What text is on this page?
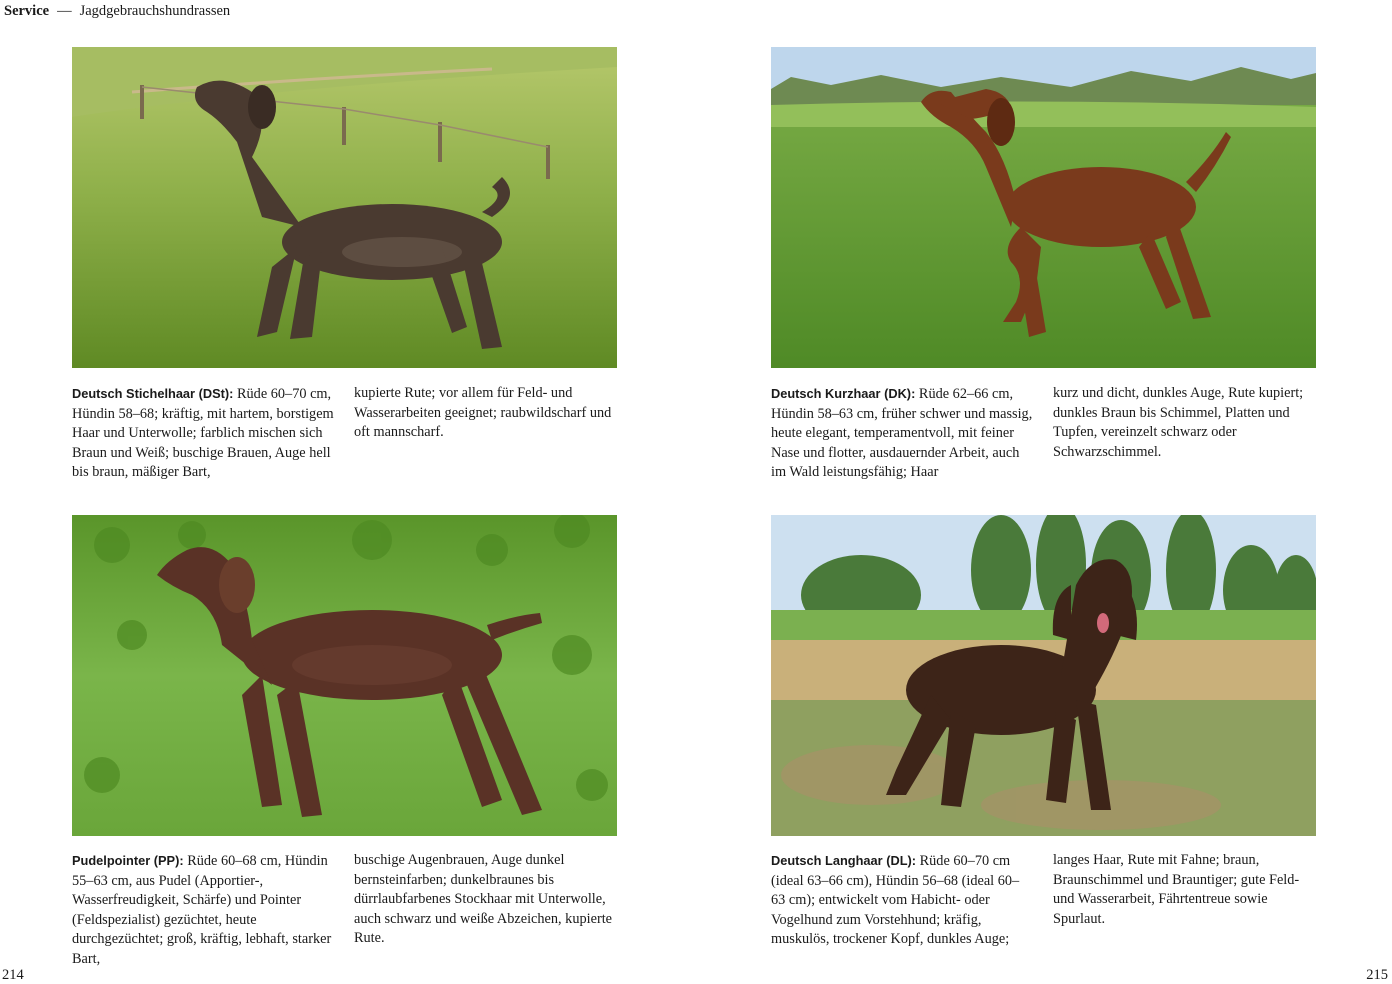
Service — Jagdgebrauchshundrassen

Deutsch Stichelhaar (DSt): Rüde 60–70 cm, Hündin 58–68; kräftig, mit hartem, borstigem Haar und Unterwolle; farblich mischen sich Braun und Weiß; buschige Brauen, Auge hell bis braun, mäßiger Bart,

kupierte Rute; vor allem für Feld- und Wasserarbeiten geeignet; raubwildscharf und oft mannscharf.

Deutsch Kurzhaar (DK): Rüde 62–66 cm, Hündin 58–63 cm, früher schwer und massig, heute elegant, temperamentvoll, mit feiner Nase und flotter, ausdauernder Arbeit, auch im Wald leistungsfähig; Haar

kurz und dicht, dunkles Auge, Rute kupiert; dunkles Braun bis Schimmel, Platten und Tupfen, vereinzelt schwarz oder Schwarzschimmel.

Pudelpointer (PP): Rüde 60–68 cm, Hündin 55–63 cm, aus Pudel (Apportier-, Wasserfreudigkeit, Schärfe) und Pointer (Feldspezialist) gezüchtet, heute durchgezüchtet; groß, kräftig, lebhaft, starker Bart,

buschige Augenbrauen, Auge dunkel bernsteinfarben; dunkelbraunes bis dürrlaubfarbenes Stockhaar mit Unterwolle, auch schwarz und weiße Abzeichen, kupierte Rute.

Deutsch Langhaar (DL): Rüde 60–70 cm (ideal 63–66 cm), Hündin 56–68 (ideal 60–63 cm); entwickelt vom Habicht- oder Vogelhund zum Vorstehhund; kräfig, muskulös, trockener Kopf, dunkles Auge;

langes Haar, Rute mit Fahne; braun, Braunschimmel und Brauntiger; gute Feld- und Wasserarbeit, Fährtentreue sowie Spurlaut.

214	215
